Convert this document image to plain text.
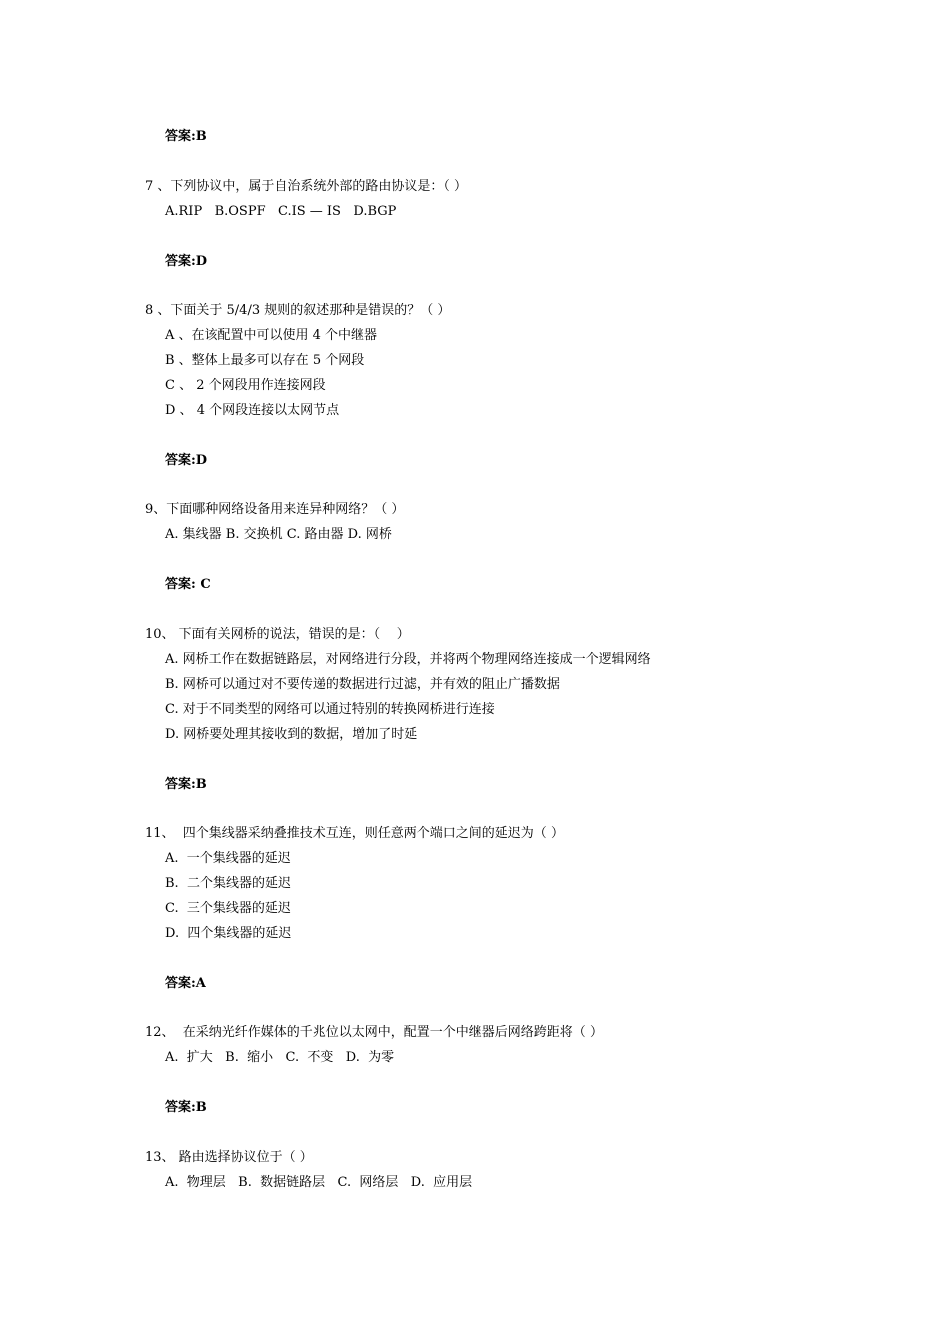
答案:B
7 、下列协议中，属于自治系统外部的路由协议是：（ ）
A.RIP   B.OSPF   C.IS — IS   D.BGP
答案:D
8 、下面关于 5/4/3 规则的叙述那种是错误的？（ ）
A 、在该配置中可以使用 4 个中继器
B 、整体上最多可以存在 5 个网段
C 、 2 个网段用作连接网段
D 、 4 个网段连接以太网节点
答案:D
9、下面哪种网络设备用来连异种网络？（ ）
A. 集线器 B. 交换机 C. 路由器 D. 网桥
答案: C
10、 下面有关网桥的说法，错误的是：（    ）
A. 网桥工作在数据链路层，对网络进行分段，并将两个物理网络连接成一个逻辑网络
B. 网桥可以通过对不要传递的数据进行过滤，并有效的阻止广播数据
C. 对于不同类型的网络可以通过特别的转换网桥进行连接
D. 网桥要处理其接收到的数据，增加了时延
答案:B
11、  四个集线器采纳叠推技术互连，则任意两个端口之间的延迟为（ ）
A.  一个集线器的延迟
B.  二个集线器的延迟
C.  三个集线器的延迟
D.  四个集线器的延迟
答案:A
12、  在采纳光纤作媒体的千兆位以太网中，配置一个中继器后网络跨距将（ ）
A.  扩大   B.  缩小   C.  不变   D.  为零
答案:B
13、 路由选择协议位于（ ）
A.  物理层   B.  数据链路层   C.  网络层   D.  应用层
